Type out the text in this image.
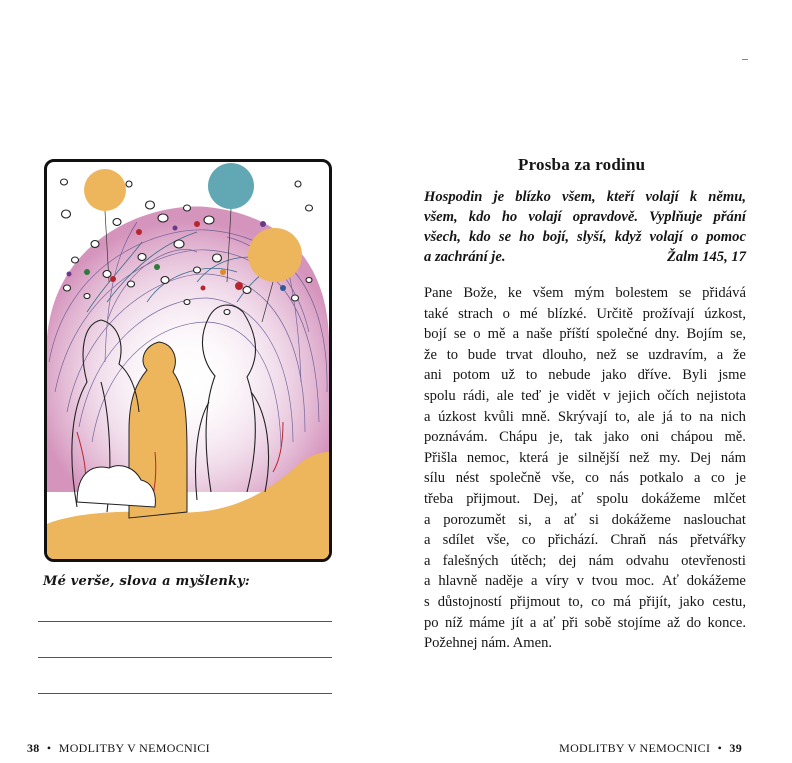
Mé verše, slova a myšlenky:
38 • MODLITBY V NEMOCNICI
Prosba za rodinu
Hospodin je blízko všem, kteří volají k němu,
všem, kdo ho volají opravdově. Vyplňuje přání
všech, kdo se ho bojí, slyší, když volají o pomoc
a zachrání je.	Žalm 145, 17
Pane Bože, ke všem mým bolestem se přidává
také strach o mé blízké. Určitě prožívají úzkost,
bojí se o mě a naše příští společné dny. Bojím se,
že to bude trvat dlouho, než se uzdravím, a že
ani potom už to nebude jako dříve. Byli jsme
spolu rádi, ale teď je vidět v jejich očích nejistota
a úzkost kvůli mně. Skrývají to, ale já to na nich
poznávám. Chápu je, tak jako oni chápou mě.
Přišla nemoc, která je silnější než my. Dej nám
sílu nést společně vše, co nás potkalo a co je
třeba přijmout. Dej, ať spolu dokážeme mlčet
a porozumět si, a ať si dokážeme naslouchat
a sdílet vše, co přichází. Chraň nás přetvářky
a falešných útěch; dej nám odvahu otevřenosti
a hlavně naděje a víry v tvou moc. Ať dokážeme
s důstojností přijmout to, co má přijít, jako cestu,
po níž máme jít a ať při sobě stojíme až do konce.
Požehnej nám. Amen.
MODLITBY V NEMOCNICI • 39
